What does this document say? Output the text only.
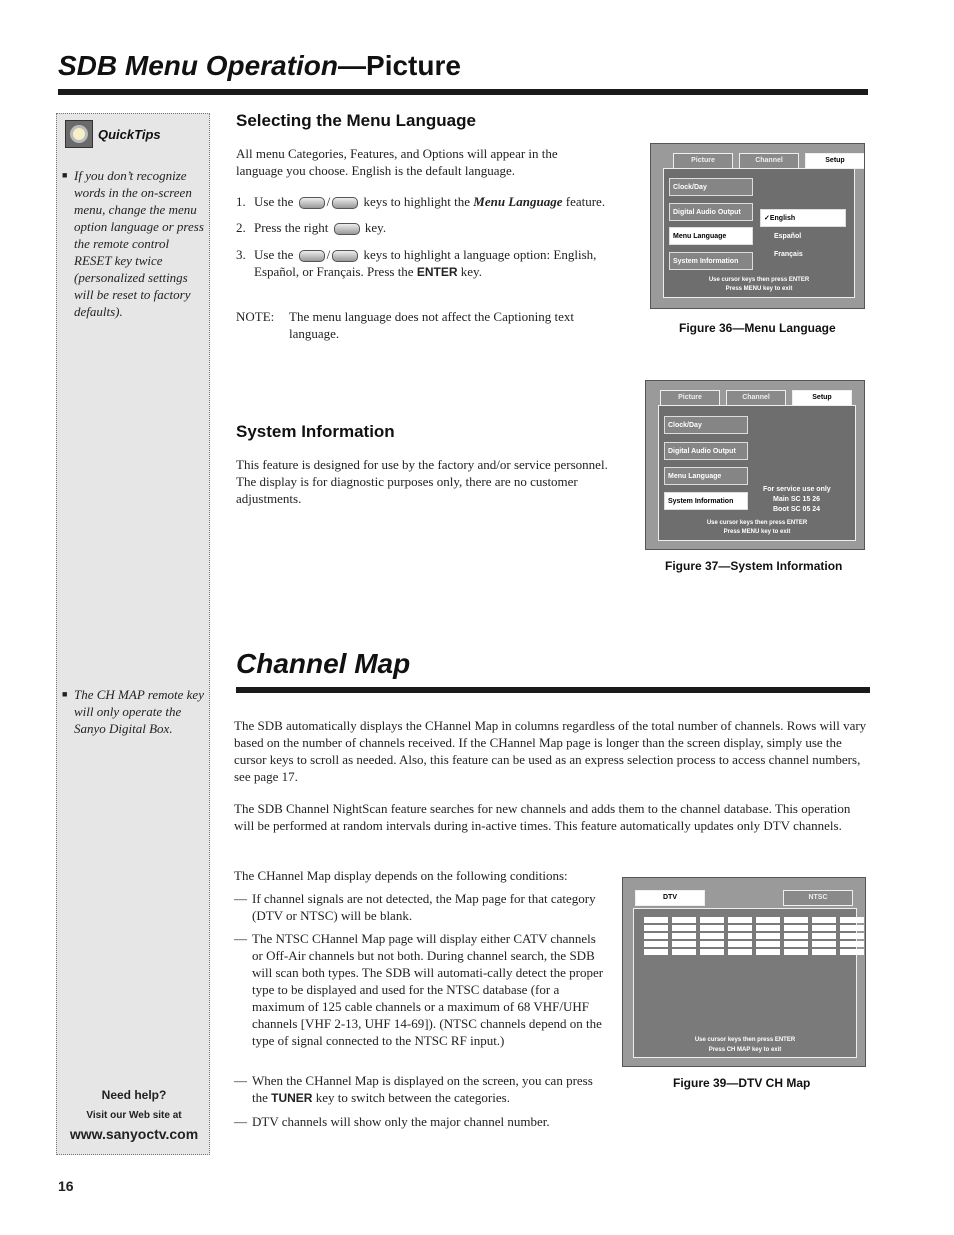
SDB Menu Operation—Picture
QuickTips
■ If you don’t recognize words in the on-screen menu, change the menu option language or press the remote control RESET key twice (personalized settings will be reset to factory defaults).
■ The CH MAP remote key will only operate the Sanyo Digital Box.
Need help?
Visit our Web site at
www.sanyoctv.com
Selecting the Menu Language

All menu Categories, Features, and Options will appear in the language you choose. English is the default language.

1. Use the	/	keys to highlight the Menu Language feature.
2. Press the right	key.
3. Use the	/	keys to highlight a language option: English, Español, or Français. Press the ENTER key.
NOTE:	The menu language does not affect the Captioning text language.
Picture	Channel	Setup
Clock/Day
Digital Audio Output
Menu Language
System Information
✓English
Español
Français
Use cursor keys then press ENTER
Press MENU key to exit
Figure 36—Menu Language
System Information

This feature is designed for use by the factory and/or service personnel. The display is for diagnostic purposes only, there are no customer adjustments.

Picture	Channel	Setup
Clock/Day
Digital Audio Output
Menu Language
System Information
For service use only
Main SC 15 26
Boot SC 05 24
Use cursor keys then press ENTER
Press MENU key to exit
Figure 37—System Information
Channel Map

The SDB automatically displays the CHannel Map in columns regardless of the total number of channels. Rows will vary based on the number of channels received. If the CHannel Map page is longer than the screen display, simply use the cursor keys to scroll as needed. Also, this feature can be used as an express selection process to access channel numbers, see page 17.

The SDB Channel NightScan feature searches for new channels and adds them to the channel database. This operation will be performed at random intervals during in-active times. This feature automatically updates only DTV channels.

The CHannel Map display depends on the following conditions:

— If channel signals are not detected, the Map page for that category (DTV or NTSC) will be blank.
— The NTSC CHannel Map page will display either CATV channels or Off-Air channels but not both. During channel search, the SDB will scan both types. The SDB will automati-cally detect the proper type to be displayed and used for the NTSC database (for a maximum of 125 cable channels or a maximum of 68 VHF/UHF channels [VHF 2-13, UHF 14-69]). (NTSC channels depend on the type of signal connected to the NTSC RF input.)
— When the CHannel Map is displayed on the screen, you can press the TUNER key to switch between the categories.
— DTV channels will show only the major channel number.
DTV	NTSC
Use cursor keys then press ENTER
Press CH MAP key to exit
Figure 39—DTV CH Map
16
